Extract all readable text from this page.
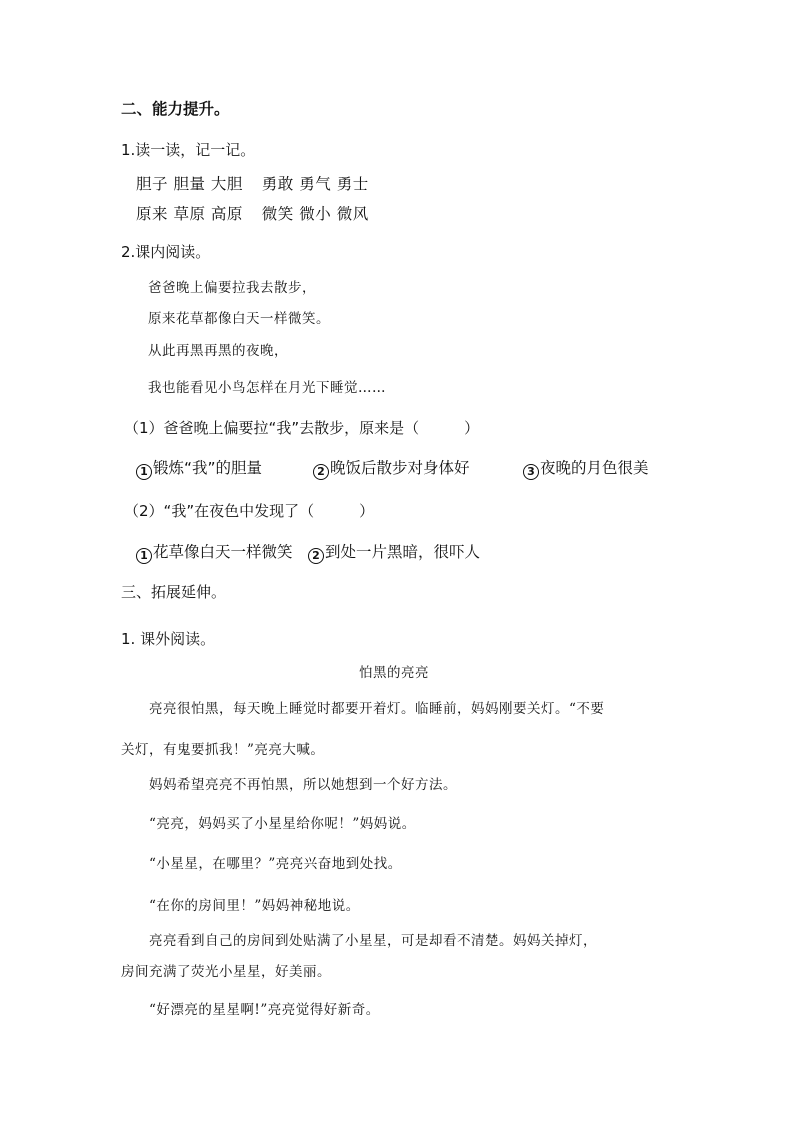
二、能力提升。
1.读一读，记一记。
胆子 胆量 大胆 勇敢 勇气 勇士
原来 草原 高原 微笑 微小 微风
2.课内阅读。
爸爸晚上偏要拉我去散步，
原来花草都像白天一样微笑。
从此再黑再黑的夜晚，
我也能看见小鸟怎样在月光下睡觉……
（1）爸爸晚上偏要拉“我”去散步，原来是（　　　）
1 锻炼“我”的胆量	2 晚饭后散步对身体好	3 夜晚的月色很美
（2）“我”在夜色中发现了（　　　）
1 花草像白天一样微笑	2 到处一片黑暗，很吓人
三、拓展延伸。
1. 课外阅读。
怕黑的亮亮
亮亮很怕黑，每天晚上睡觉时都要开着灯。临睡前，妈妈刚要关灯。“不要
关灯，有鬼要抓我！”亮亮大喊。
妈妈希望亮亮不再怕黑，所以她想到一个好方法。
“亮亮，妈妈买了小星星给你呢！”妈妈说。
“小星星，在哪里？”亮亮兴奋地到处找。
“在你的房间里！”妈妈神秘地说。
亮亮看到自己的房间到处贴满了小星星，可是却看不清楚。妈妈关掉灯，
房间充满了荧光小星星，好美丽。
“好漂亮的星星啊!”亮亮觉得好新奇。
